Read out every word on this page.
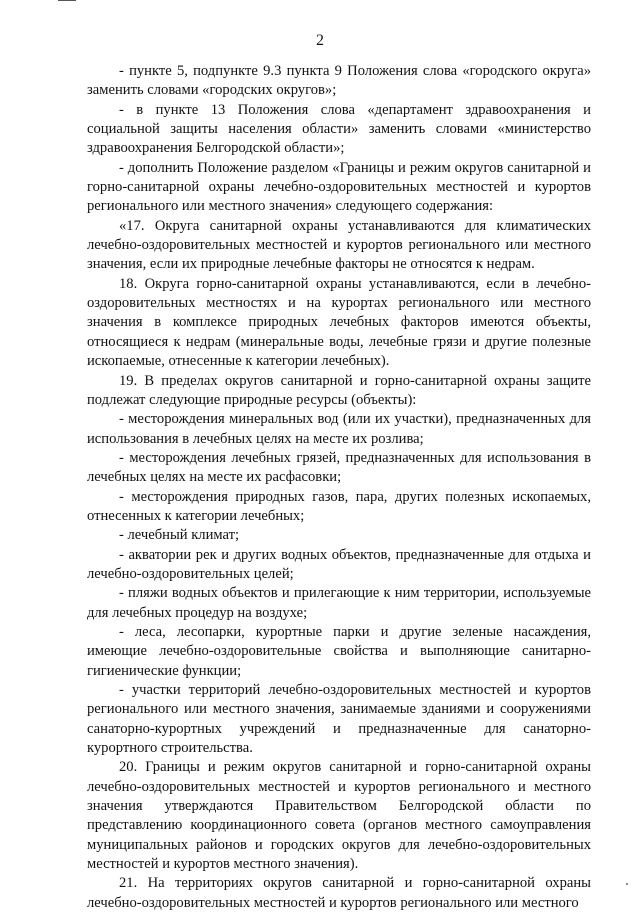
2

- пункте 5, подпункте 9.3 пункта 9 Положения слова «городского округа» заменить словами «городских округов»;

- в пункте 13 Положения слова «департамент здравоохранения и социальной защиты населения области» заменить словами «министерство здравоохранения Белгородской области»;

- дополнить Положение разделом «Границы и режим округов санитарной и горно-санитарной охраны лечебно-оздоровительных местностей и курортов регионального или местного значения» следующего содержания:

«17. Округа санитарной охраны устанавливаются для климатических лечебно-оздоровительных местностей и курортов регионального или местного значения, если их природные лечебные факторы не относятся к недрам.

18. Округа горно-санитарной охраны устанавливаются, если в лечебно-оздоровительных местностях и на курортах регионального или местного значения в комплексе природных лечебных факторов имеются объекты, относящиеся к недрам (минеральные воды, лечебные грязи и другие полезные ископаемые, отнесенные к категории лечебных).

19. В пределах округов санитарной и горно-санитарной охраны защите подлежат следующие природные ресурсы (объекты):

- месторождения минеральных вод (или их участки), предназначенных для использования в лечебных целях на месте их розлива;

- месторождения лечебных грязей, предназначенных для использования в лечебных целях на месте их расфасовки;

- месторождения природных газов, пара, других полезных ископаемых, отнесенных к категории лечебных;

- лечебный климат;

- акватории рек и других водных объектов, предназначенные для отдыха и лечебно-оздоровительных целей;

- пляжи водных объектов и прилегающие к ним территории, используемые для лечебных процедур на воздухе;

- леса, лесопарки, курортные парки и другие зеленые насаждения, имеющие лечебно-оздоровительные свойства и выполняющие санитарно-гигиенические функции;

- участки территорий лечебно-оздоровительных местностей и курортов регионального или местного значения, занимаемые зданиями и сооружениями санаторно-курортных учреждений и предназначенные для санаторно-курортного строительства.

20. Границы и режим округов санитарной и горно-санитарной охраны лечебно-оздоровительных местностей и курортов регионального и местного значения утверждаются Правительством Белгородской области по представлению координационного совета (органов местного самоуправления муниципальных районов и городских округов для лечебно-оздоровительных местностей и курортов местного значения).

21. На территориях округов санитарной и горно-санитарной охраны лечебно-оздоровительных местностей и курортов регионального или местного
